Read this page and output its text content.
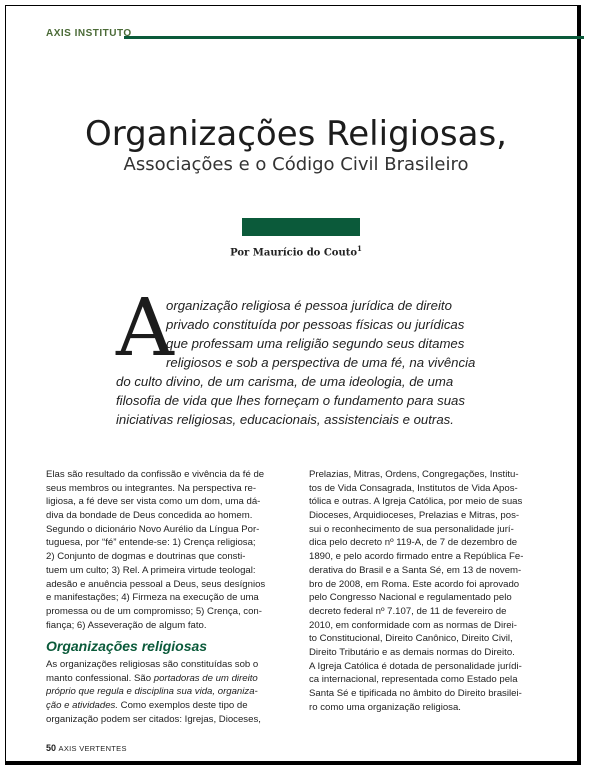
AXIS INSTITUTO
Organizações Religiosas,
Associações e o Código Civil Brasileiro
Por Maurício do Couto$^1$
A
organização religiosa é pessoa jurídica de direito
privado constituída por pessoas físicas ou jurídicas
que professam uma religião segundo seus ditames
religiosos e sob a perspectiva de uma fé, na vivência
do culto divino, de um carisma, de uma ideologia, de uma
filosofia de vida que lhes forneçam o fundamento para suas
iniciativas religiosas, educacionais, assistenciais e outras.
Elas são resultado da confissão e vivência da fé de
seus membros ou integrantes. Na perspectiva re-
ligiosa, a fé deve ser vista como um dom, uma dá-
diva da bondade de Deus concedida ao homem.
Segundo o dicionário Novo Aurélio da Língua Por-
tuguesa, por “fé” entende-se: 1) Crença religiosa;
2) Conjunto de dogmas e doutrinas que consti-
tuem um culto; 3) Rel. A primeira virtude teologal:
adesão e anuência pessoal a Deus, seus desígnios
e manifestações; 4) Firmeza na execução de uma
promessa ou de um compromisso; 5) Crença, con-
fiança; 6) Asseveração de algum fato.
Organizações religiosas
As organizações religiosas são constituídas sob o
manto confessional. São portadoras de um direito
próprio que regula e disciplina sua vida, organiza-
ção e atividades. Como exemplos deste tipo de
organização podem ser citados: Igrejas, Dioceses,
Prelazias, Mitras, Ordens, Congregações, Institu-
tos de Vida Consagrada, Institutos de Vida Apos-
tólica e outras. A Igreja Católica, por meio de suas
Dioceses, Arquidioceses, Prelazias e Mitras, pos-
sui o reconhecimento de sua personalidade jurí-
dica pelo decreto nº 119-A, de 7 de dezembro de
1890, e pelo acordo firmado entre a República Fe-
derativa do Brasil e a Santa Sé, em 13 de novem-
bro de 2008, em Roma. Este acordo foi aprovado
pelo Congresso Nacional e regulamentado pelo
decreto federal nº 7.107, de 11 de fevereiro de
2010, em conformidade com as normas de Direi-
to Constitucional, Direito Canônico, Direito Civil,
Direito Tributário e as demais normas do Direito.
A Igreja Católica é dotada de personalidade jurídi-
ca internacional, representada como Estado pela
Santa Sé e tipificada no âmbito do Direito brasilei-
ro como uma organização religiosa.
50 AXIS VERTENTES
